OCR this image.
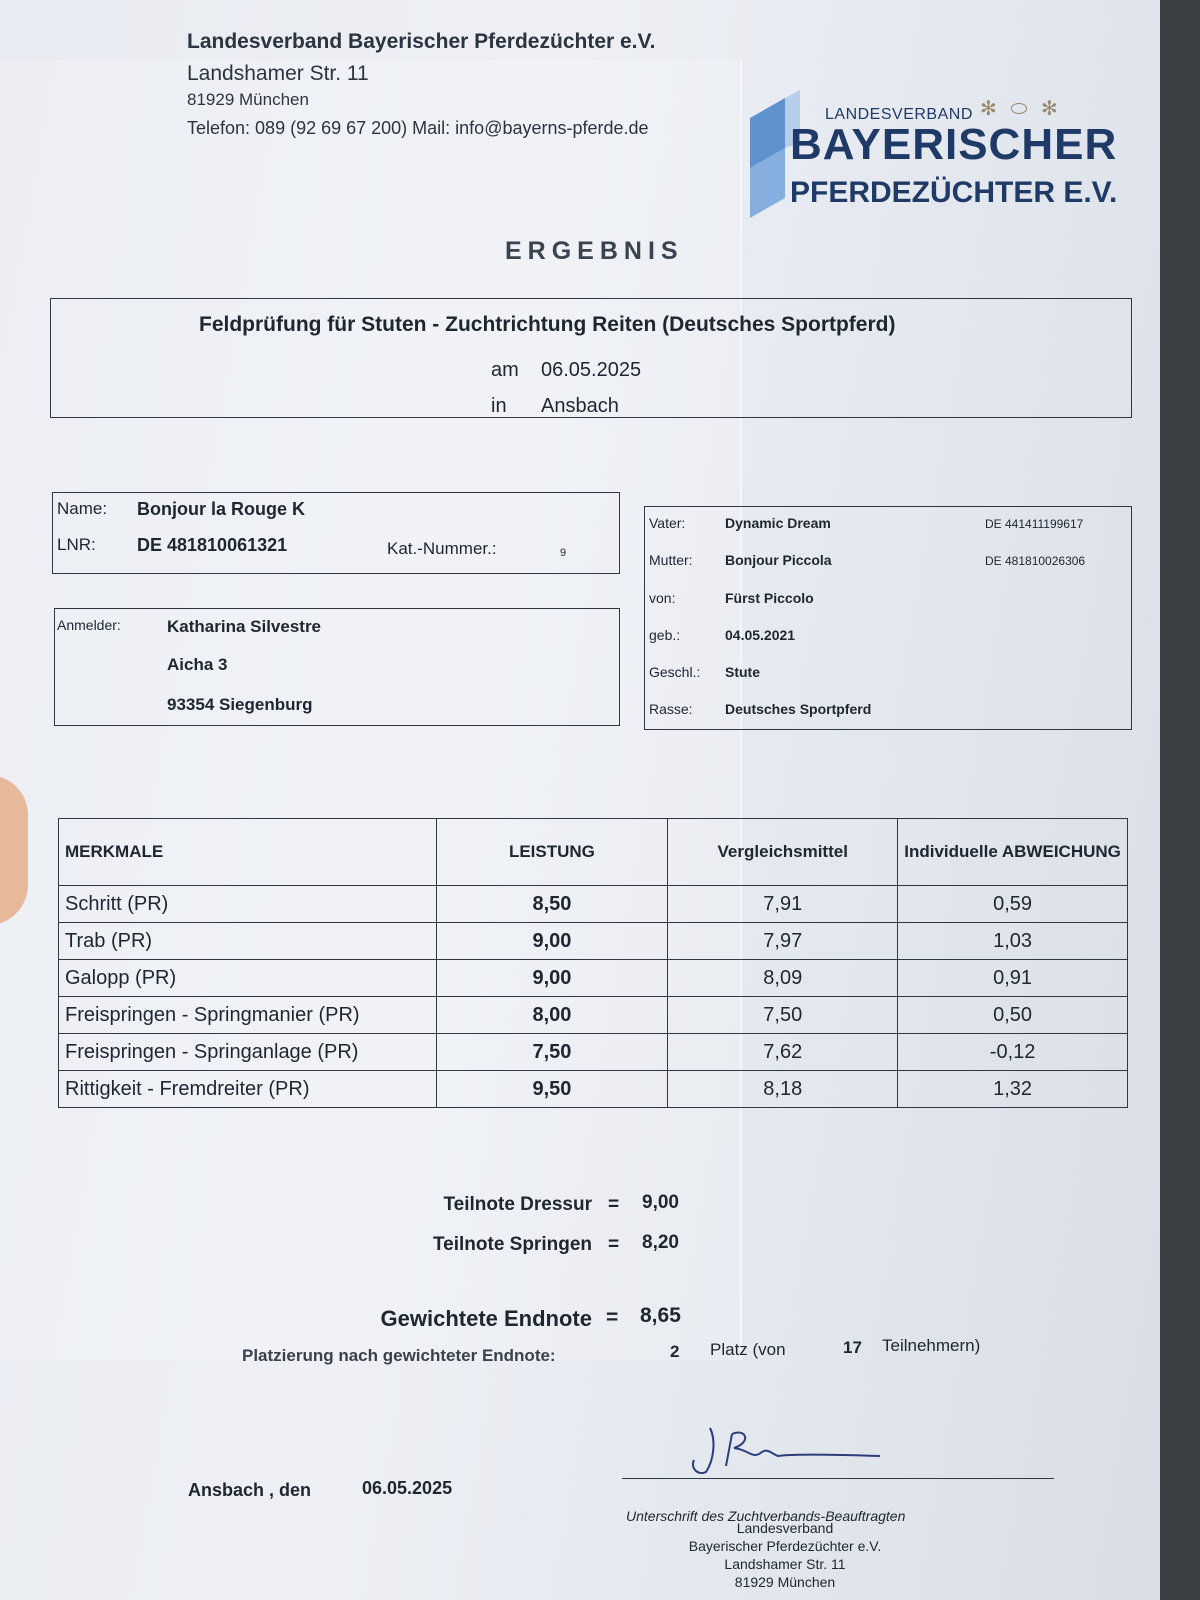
Landesverband Bayerischer Pferdezüchter e.V.
Landshamer Str. 11
81929 München
Telefon: 089 (92 69 67 200) Mail: info@bayerns-pferde.de
LANDESVERBAND ✻ ⬭ ✻
BAYERISCHER
PFERDEZÜCHTER E.V.
ERGEBNIS
Feldprüfung für Stuten - Zuchtrichtung Reiten (Deutsches Sportpferd)
am 06.05.2025
in Ansbach
Name: Bonjour la Rouge K
LNR: DE 481810061321	Kat.-Nummer.:	9
Anmelder:	Katharina Silvestre
Aicha 3
93354 Siegenburg
Vater:	Dynamic Dream	DE 441411199617
Mutter: Bonjour Piccola	DE 481810026306
von:	Fürst Piccolo
geb.:	04.05.2021
Geschl.: Stute
Rasse: Deutsches Sportpferd
MERKMALE	LEISTUNG	Vergleichsmittel	Individuelle ABWEICHUNG
Schritt (PR)	8,50	7,91	0,59
Trab (PR)	9,00	7,97	1,03
Galopp (PR)	9,00	8,09	0,91
Freispringen - Springmanier (PR)	8,00	7,50	0,50
Freispringen - Springanlage (PR)	7,50	7,62	-0,12
Rittigkeit - Fremdreiter (PR)	9,50	8,18	1,32
Teilnote Dressur = 9,00
Teilnote Springen = 8,20
Gewichtete Endnote = 8,65
Platzierung nach gewichteter Endnote:	2 Platz (von	17 Teilnehmern)
Ansbach , den	06.05.2025
Unterschrift des Zuchtverbands-Beauftragten
Landesverband
Bayerischer Pferdezüchter e.V.
Landshamer Str. 11
81929 München
